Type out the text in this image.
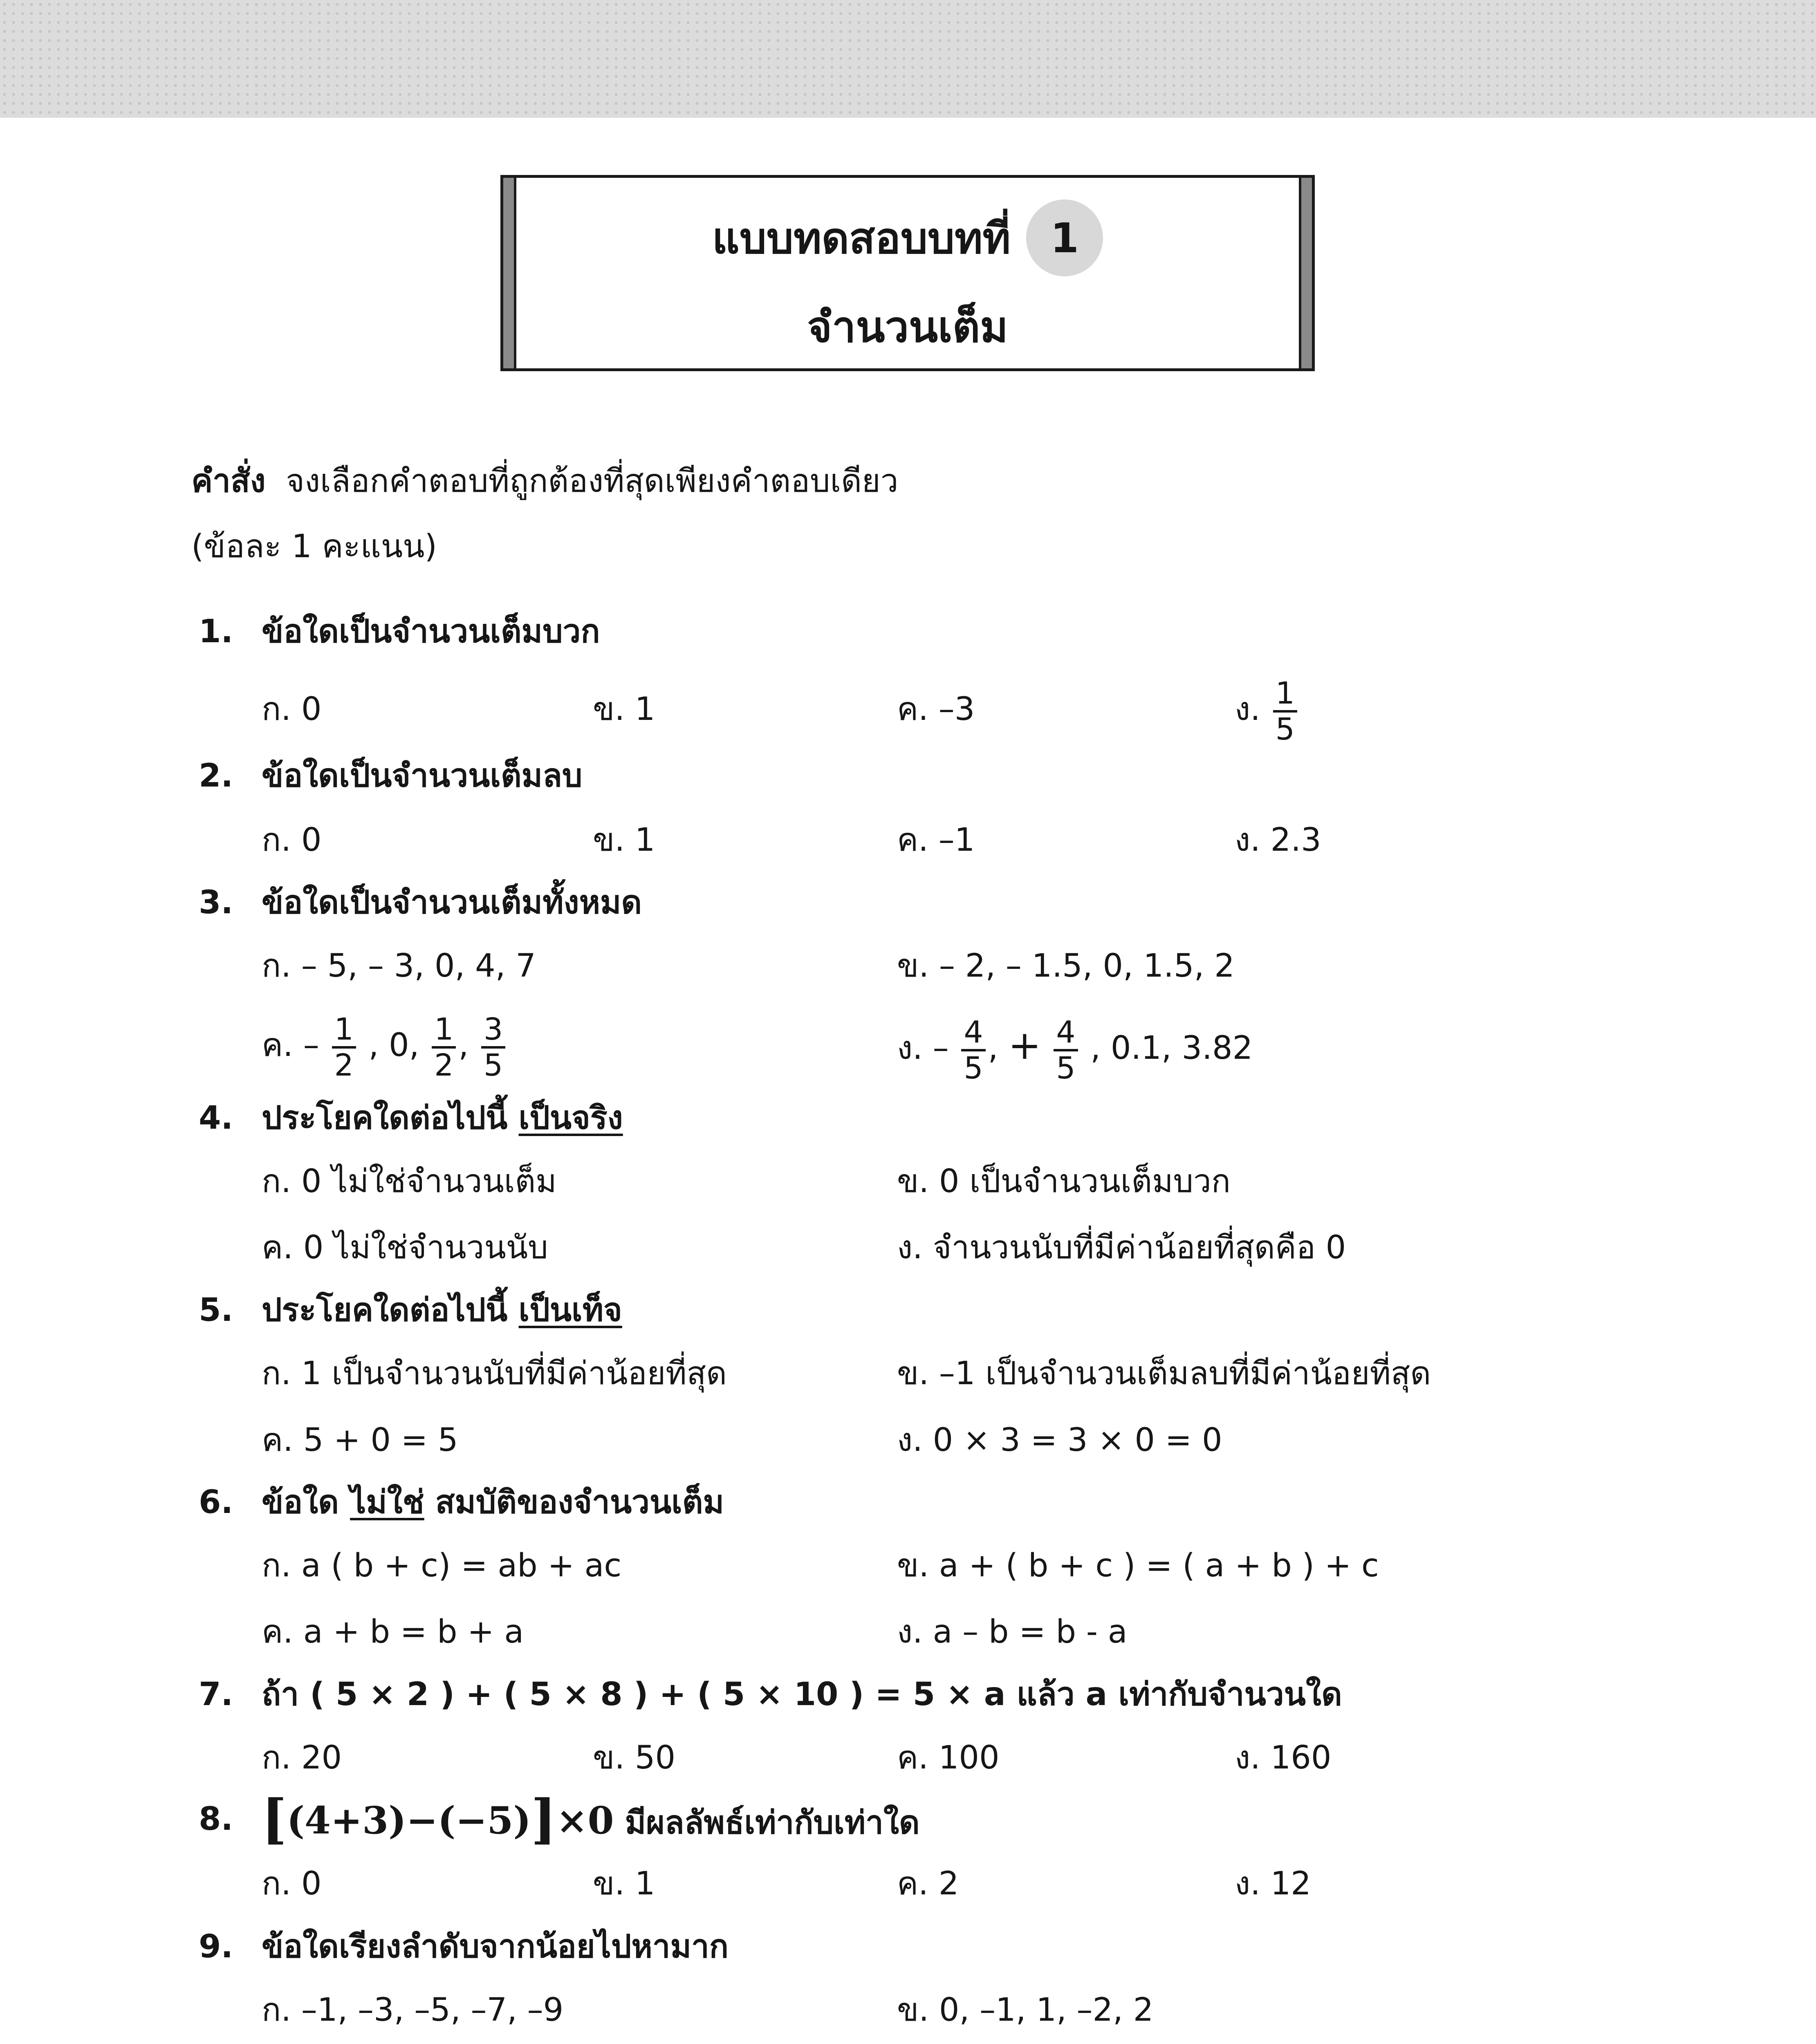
แบบทดสอบบทที่ 1
จำนวนเต็ม
คำสั่ง จงเลือกคำตอบที่ถูกต้องที่สุดเพียงคำตอบเดียว
(ข้อละ 1 คะแนน)
1. ข้อใดเป็นจำนวนเต็มบวก
ก. 0	ข. 1	ค. –3	ง. $\frac{1}{5}$
2. ข้อใดเป็นจำนวนเต็มลบ
ก. 0	ข. 1	ค. –1	ง. 2.3
3. ข้อใดเป็นจำนวนเต็มทั้งหมด
ก. – 5, – 3, 0, 4, 7	ข. – 2, – 1.5, 0, 1.5, 2
ค. – $\frac{1}{2}$ , 0, $\frac{1}{2}$ , $\frac{3}{5}$	ง. – $\frac{4}{5}$ , + $\frac{4}{5}$ , 0.1, 3.82
4. ประโยคใดต่อไปนี้ เป็นจริง
ก. 0 ไม่ใช่จำนวนเต็ม	ข. 0 เป็นจำนวนเต็มบวก
ค. 0 ไม่ใช่จำนวนนับ	ง. จำนวนนับที่มีค่าน้อยที่สุดคือ 0
5. ประโยคใดต่อไปนี้ เป็นเท็จ
ก. 1 เป็นจำนวนนับที่มีค่าน้อยที่สุด	ข. –1 เป็นจำนวนเต็มลบที่มีค่าน้อยที่สุด
ค. 5 + 0 = 5	ง. 0 × 3 = 3 × 0 = 0
6. ข้อใด ไม่ใช่ สมบัติของจำนวนเต็ม
ก. a ( b + c) = ab + ac	ข. a + ( b + c ) = ( a + b ) + c
ค. a + b = b + a	ง. a – b = b - a
7. ถ้า ( 5 × 2 ) + ( 5 × 8 ) + ( 5 × 10 ) = 5 × a แล้ว a เท่ากับจำนวนใด
ก. 20	ข. 50	ค. 100	ง. 160
8. [(4+3)−(−5)]×0 มีผลลัพธ์เท่ากับเท่าใด
ก. 0	ข. 1	ค. 2	ง. 12
9. ข้อใดเรียงลำดับจากน้อยไปหามาก
ก. –1, –3, –5, –7, –9	ข. 0, –1, 1, –2, 2
